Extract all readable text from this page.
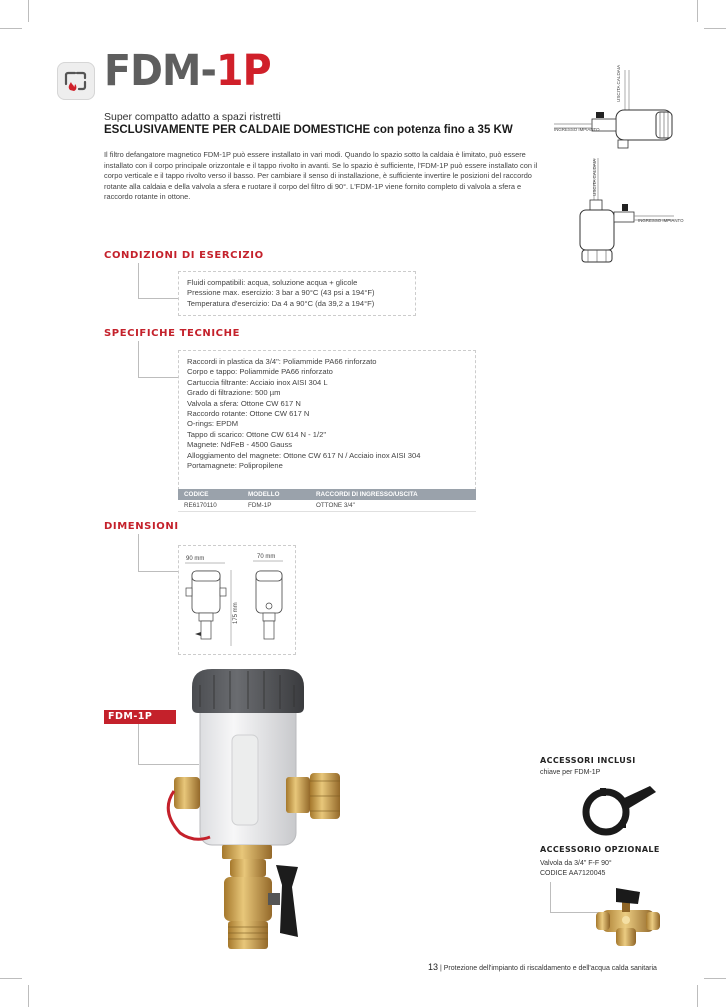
FDM-1P
Super compatto adatto a spazi ristretti
ESCLUSIVAMENTE PER CALDAIE DOMESTICHE con potenza fino a 35 KW
Il filtro defangatore magnetico FDM-1P può essere installato in vari modi. Quando lo spazio sotto la caldaia è limitato, può essere installato con il corpo principale orizzontale e il tappo rivolto in avanti. Se lo spazio è sufficiente, l'FDM-1P può essere installato con il corpo verticale e il tappo rivolto verso il basso. Per cambiare il senso di installazione, è sufficiente invertire le posizioni del raccordo rotante alla caldaia e della valvola a sfera e ruotare il corpo del filtro di 90°. L'FDM-1P viene fornito completo di valvola a sfera e raccordo rotante in ottone.
USCITA CALDAIA
INGRESSO IMPIANTO
USCITA CALDAIA
INGRESSO IMPIANTO
CONDIZIONI DI ESERCIZIO
Fluidi compatibili: acqua, soluzione acqua + glicole
Pressione max. esercizio: 3 bar a 90°C (43 psi a 194°F)
Temperatura d'esercizio: Da 4 a 90°C (da 39,2 a 194°F)
SPECIFICHE TECNICHE
Raccordi in plastica da 3/4": Poliammide PA66 rinforzato
Corpo e tappo: Poliammide PA66 rinforzato
Cartuccia filtrante: Acciaio inox AISI 304 L
Grado di filtrazione: 500 µm
Valvola a sfera: Ottone CW 617 N
Raccordo rotante: Ottone CW 617 N
O-rings: EPDM
Tappo di scarico: Ottone CW 614 N - 1/2"
Magnete: NdFeB - 4500 Gauss
Alloggiamento del magnete: Ottone CW 617 N / Acciaio inox AISI 304
Portamagnete: Polipropilene
CODICE	MODELLO	RACCORDI DI INGRESSO/USCITA
RE6170110	FDM-1P	OTTONE 3/4"
DIMENSIONI
90 mm	70 mm
175 mm
FDM-1P
ACCESSORI INCLUSI
chiave per FDM-1P
ACCESSORIO OPZIONALE
Valvola da 3/4" F-F 90°
CODICE AA7120045
13 | Protezione dell'impianto di riscaldamento e dell'acqua calda sanitaria
